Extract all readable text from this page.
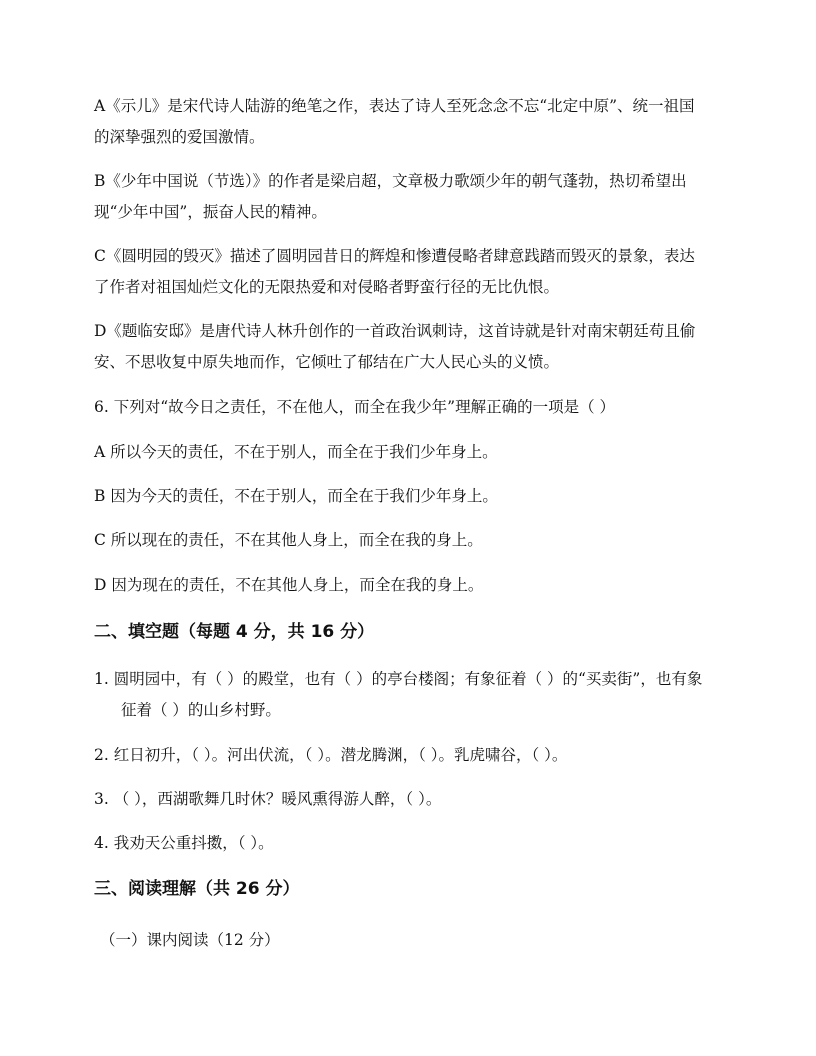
A《示儿》是宋代诗人陆游的绝笔之作，表达了诗人至死念念不忘“北定中原”、统一祖国
的深挚强烈的爱国激情。
B《少年中国说（节选）》的作者是梁启超，文章极力歌颂少年的朝气蓬勃，热切希望出
现“少年中国”，振奋人民的精神。
C《圆明园的毁灭》描述了圆明园昔日的辉煌和惨遭侵略者肆意践踏而毁灭的景象，表达
了作者对祖国灿烂文化的无限热爱和对侵略者野蛮行径的无比仇恨。
D《题临安邸》是唐代诗人林升创作的一首政治讽刺诗，这首诗就是针对南宋朝廷苟且偷
安、不思收复中原失地而作，它倾吐了郁结在广大人民心头的义愤。
6. 下列对“故今日之责任，不在他人，而全在我少年”理解正确的一项是（ ）
A 所以今天的责任，不在于别人，而全在于我们少年身上。
B 因为今天的责任，不在于别人，而全在于我们少年身上。
C 所以现在的责任，不在其他人身上，而全在我的身上。
D 因为现在的责任，不在其他人身上，而全在我的身上。
二、填空题（每题 4 分，共 16 分）
1. 圆明园中，有（ ）的殿堂，也有（ ）的亭台楼阁；有象征着（ ）的“买卖街”，也有象
征着（ ）的山乡村野。
2. 红日初升，（ ）。河出伏流，（ ）。潜龙腾渊，（ ）。乳虎啸谷，（ ）。
3. （ ），西湖歌舞几时休？暖风熏得游人醉，（ ）。
4. 我劝天公重抖擞，（ ）。
三、阅读理解（共 26 分）
（一）课内阅读（12 分）
